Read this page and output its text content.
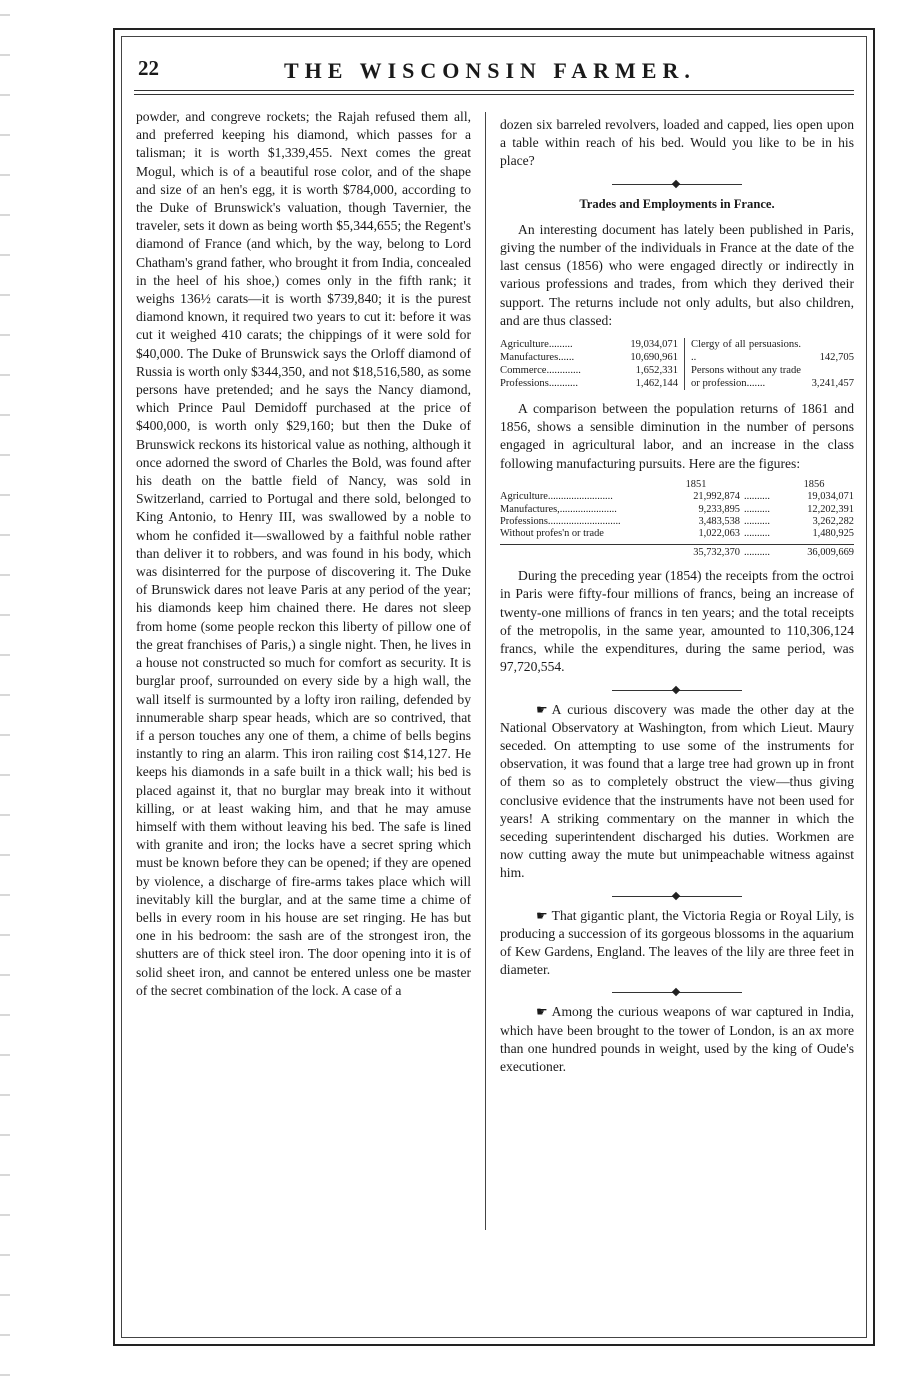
22	THE WISCONSIN FARMER.

powder, and congreve rockets; the Rajah refused them all, and preferred keeping his diamond, which passes for a talisman; it is worth $1,339,455. Next comes the great Mogul, which is of a beautiful rose color, and of the shape and size of an hen's egg, it is worth $784,000, according to the Duke of Brunswick's valuation, though Tavernier, the traveler, sets it down as being worth $5,344,655; the Regent's diamond of France (and which, by the way, belong to Lord Chatham's grand father, who brought it from India, concealed in the heel of his shoe,) comes only in the fifth rank; it weighs 136½ carats—it is worth $739,840; it is the purest diamond known, it required two years to cut it: before it was cut it weighed 410 carats; the chippings of it were sold for $40,000. The Duke of Brunswick says the Orloff diamond of Russia is worth only $344,350, and not $18,516,580, as some persons have pretended; and he says the Nancy diamond, which Prince Paul Demidoff purchased at the price of $400,000, is worth only $29,160; but then the Duke of Brunswick reckons its historical value as nothing, although it once adorned the sword of Charles the Bold, was found after his death on the battle field of Nancy, was sold in Switzerland, carried to Portugal and there sold, belonged to King Antonio, to Henry III, was swallowed by a noble to whom he confided it—swallowed by a faithful noble rather than deliver it to robbers, and was found in his body, which was disinterred for the purpose of discovering it. The Duke of Brunswick dares not leave Paris at any period of the year; his diamonds keep him chained there. He dares not sleep from home (some people reckon this liberty of pillow one of the great franchises of Paris,) a single night. Then, he lives in a house not constructed so much for comfort as security. It is burglar proof, surrounded on every side by a high wall, the wall itself is surmounted by a lofty iron railing, defended by innumerable sharp spear heads, which are so contrived, that if a person touches any one of them, a chime of bells begins instantly to ring an alarm. This iron railing cost $14,127. He keeps his diamonds in a safe built in a thick wall; his bed is placed against it, that no burglar may break into it without killing, or at least waking him, and that he may amuse himself with them without leaving his bed. The safe is lined with granite and iron; the locks have a secret spring which must be known before they can be opened; if they are opened by violence, a discharge of fire-arms takes place which will inevitably kill the burglar, and at the same time a chime of bells in every room in his house are set ringing. He has but one in his bedroom: the sash are of the strongest iron, the shutters are of thick steel iron. The door opening into it is of solid sheet iron, and cannot be entered unless one be master of the secret combination of the lock. A case of a

dozen six barreled revolvers, loaded and capped, lies open upon a table within reach of his bed. Would you like to be in his place?

Trades and Employments in France.

An interesting document has lately been published in Paris, giving the number of the individuals in France at the date of the last census (1856) who were engaged directly or indirectly in various professions and trades, from which they derived their support. The returns include not only adults, but also children, and are thus classed:

Agriculture.........	19,034,071
Manufactures......	10,690,961
Commerce.............	1,652,331
Professions...........	1,462,144
Clergy of all persuasions. ..	142,705
Persons without any trade or profession.......	3,241,457

A comparison between the population returns of 1861 and 1856, shows a sensible diminution in the number of persons engaged in agricultural labor, and an increase in the class following manufacturing pursuits. Here are the figures:

1851	1856
Agriculture.........................	21,992,874 ..........	19,034,071
Manufactures,......................	9,233,895 ..........	12,202,391
Professions............................	3,483,538 ..........	3,262,282
Without profes'n or trade	1,022,063 ..........	1,480,925
35,732,370 ..........	36,009,669

During the preceding year (1854) the receipts from the octroi in Paris were fifty-four millions of francs, being an increase of twenty-one millions of francs in ten years; and the total receipts of the metropolis, in the same year, amounted to 110,306,124 francs, while the expenditures, during the same period, was 97,720,554.

☛ A curious discovery was made the other day at the National Observatory at Washington, from which Lieut. Maury seceded. On attempting to use some of the instruments for observation, it was found that a large tree had grown up in front of them so as to completely obstruct the view—thus giving conclusive evidence that the instruments have not been used for years! A striking commentary on the manner in which the seceding superintendent discharged his duties. Workmen are now cutting away the mute but unimpeachable witness against him.

☛ That gigantic plant, the Victoria Regia or Royal Lily, is producing a succession of its gorgeous blossoms in the aquarium of Kew Gardens, England. The leaves of the lily are three feet in diameter.

☛ Among the curious weapons of war captured in India, which have been brought to the tower of London, is an ax more than one hundred pounds in weight, used by the king of Oude's executioner.
